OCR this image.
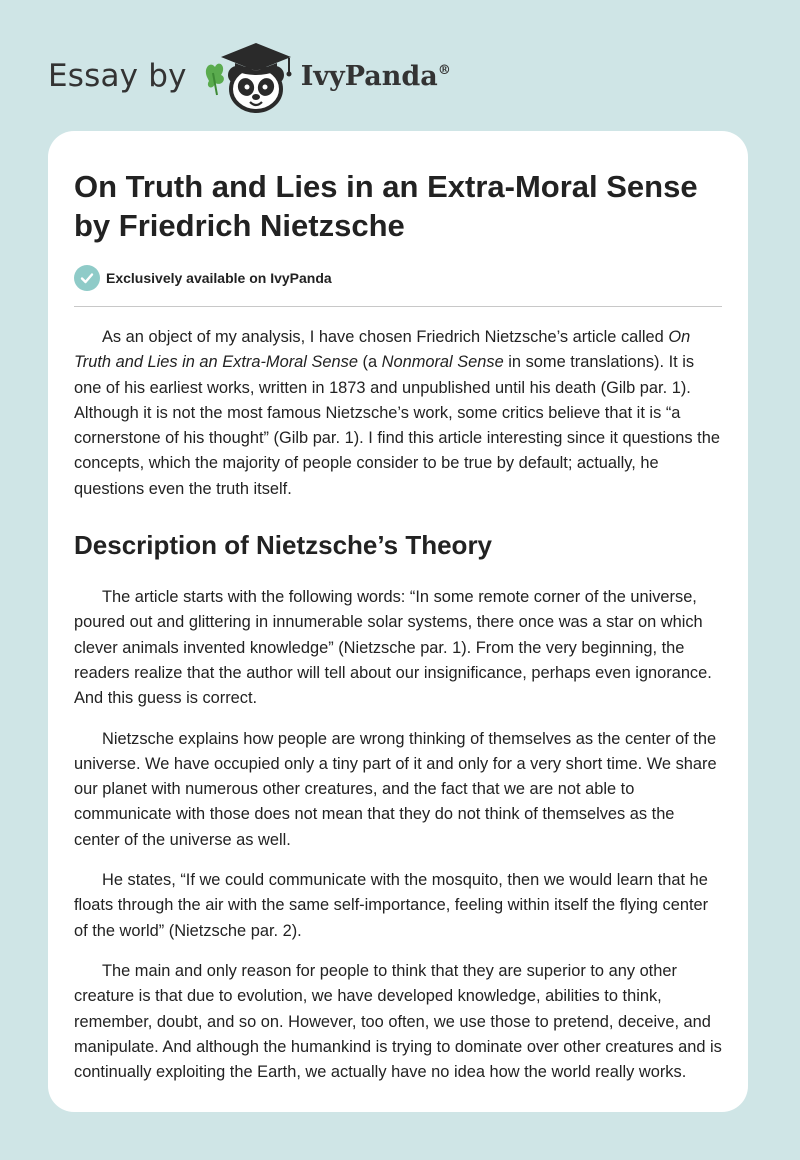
Essay by	IvyPanda®
On Truth and Lies in an Extra-Moral Sense by Friedrich Nietzsche
Exclusively available on IvyPanda

As an object of my analysis, I have chosen Friedrich Nietzsche’s article called On Truth and Lies in an Extra-Moral Sense (a Nonmoral Sense in some translations). It is one of his earliest works, written in 1873 and unpublished until his death (Gilb par. 1). Although it is not the most famous Nietzsche’s work, some critics believe that it is “a cornerstone of his thought” (Gilb par. 1). I find this article interesting since it questions the concepts, which the majority of people consider to be true by default; actually, he questions even the truth itself.

Description of Nietzsche’s Theory

The article starts with the following words: “In some remote corner of the universe, poured out and glittering in innumerable solar systems, there once was a star on which clever animals invented knowledge” (Nietzsche par. 1). From the very beginning, the readers realize that the author will tell about our insignificance, perhaps even ignorance. And this guess is correct.

Nietzsche explains how people are wrong thinking of themselves as the center of the universe. We have occupied only a tiny part of it and only for a very short time. We share our planet with numerous other creatures, and the fact that we are not able to communicate with those does not mean that they do not think of themselves as the center of the universe as well.

He states, “If we could communicate with the mosquito, then we would learn that he floats through the air with the same self-importance, feeling within itself the flying center of the world” (Nietzsche par. 2).

The main and only reason for people to think that they are superior to any other creature is that due to evolution, we have developed knowledge, abilities to think, remember, doubt, and so on. However, too often, we use those to pretend, deceive, and manipulate. And although the humankind is trying to dominate over other creatures and is continually exploiting the Earth, we actually have no idea how the world really works.
